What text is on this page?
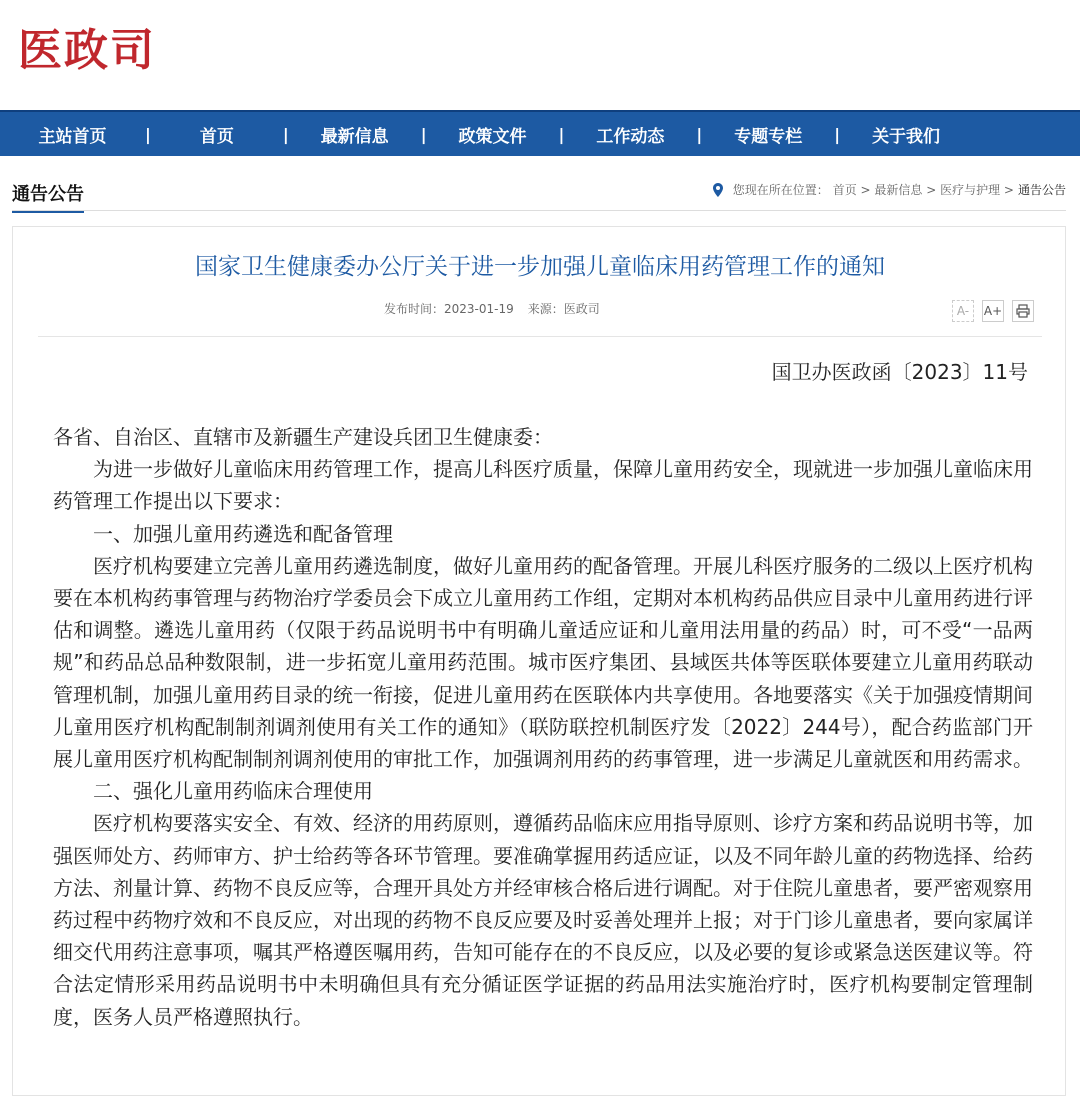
医政司
主站首页	|	首页	|	最新信息	|	政策文件	|	工作动态	|	专题专栏	|	关于我们
通告公告	您现在所在位置： 首页 > 最新信息 > 医疗与护理 > 通告公告
国家卫生健康委办公厅关于进一步加强儿童临床用药管理工作的通知
发布时间：2023-01-19 来源：医政司	A-	A+
国卫办医政函〔2023〕11号

各省、自治区、直辖市及新疆生产建设兵团卫生健康委：

为进一步做好儿童临床用药管理工作，提高儿科医疗质量，保障儿童用药安全，现就进一步加强儿童临床用药管理工作提出以下要求：

一、加强儿童用药遴选和配备管理

医疗机构要建立完善儿童用药遴选制度，做好儿童用药的配备管理。开展儿科医疗服务的二级以上医疗机构要在本机构药事管理与药物治疗学委员会下成立儿童用药工作组，定期对本机构药品供应目录中儿童用药进行评估和调整。遴选儿童用药（仅限于药品说明书中有明确儿童适应证和儿童用法用量的药品）时，可不受“一品两规”和药品总品种数限制，进一步拓宽儿童用药范围。城市医疗集团、县域医共体等医联体要建立儿童用药联动管理机制，加强儿童用药目录的统一衔接，促进儿童用药在医联体内共享使用。各地要落实《关于加强疫情期间儿童用医疗机构配制制剂调剂使用有关工作的通知》（联防联控机制医疗发〔2022〕244号），配合药监部门开展儿童用医疗机构配制制剂调剂使用的审批工作，加强调剂用药的药事管理，进一步满足儿童就医和用药需求。

二、强化儿童用药临床合理使用

医疗机构要落实安全、有效、经济的用药原则，遵循药品临床应用指导原则、诊疗方案和药品说明书等，加强医师处方、药师审方、护士给药等各环节管理。要准确掌握用药适应证，以及不同年龄儿童的药物选择、给药方法、剂量计算、药物不良反应等，合理开具处方并经审核合格后进行调配。对于住院儿童患者，要严密观察用药过程中药物疗效和不良反应，对出现的药物不良反应要及时妥善处理并上报；对于门诊儿童患者，要向家属详细交代用药注意事项，嘱其严格遵医嘱用药，告知可能存在的不良反应，以及必要的复诊或紧急送医建议等。符合法定情形采用药品说明书中未明确但具有充分循证医学证据的药品用法实施治疗时，医疗机构要制定管理制度，医务人员严格遵照执行。
